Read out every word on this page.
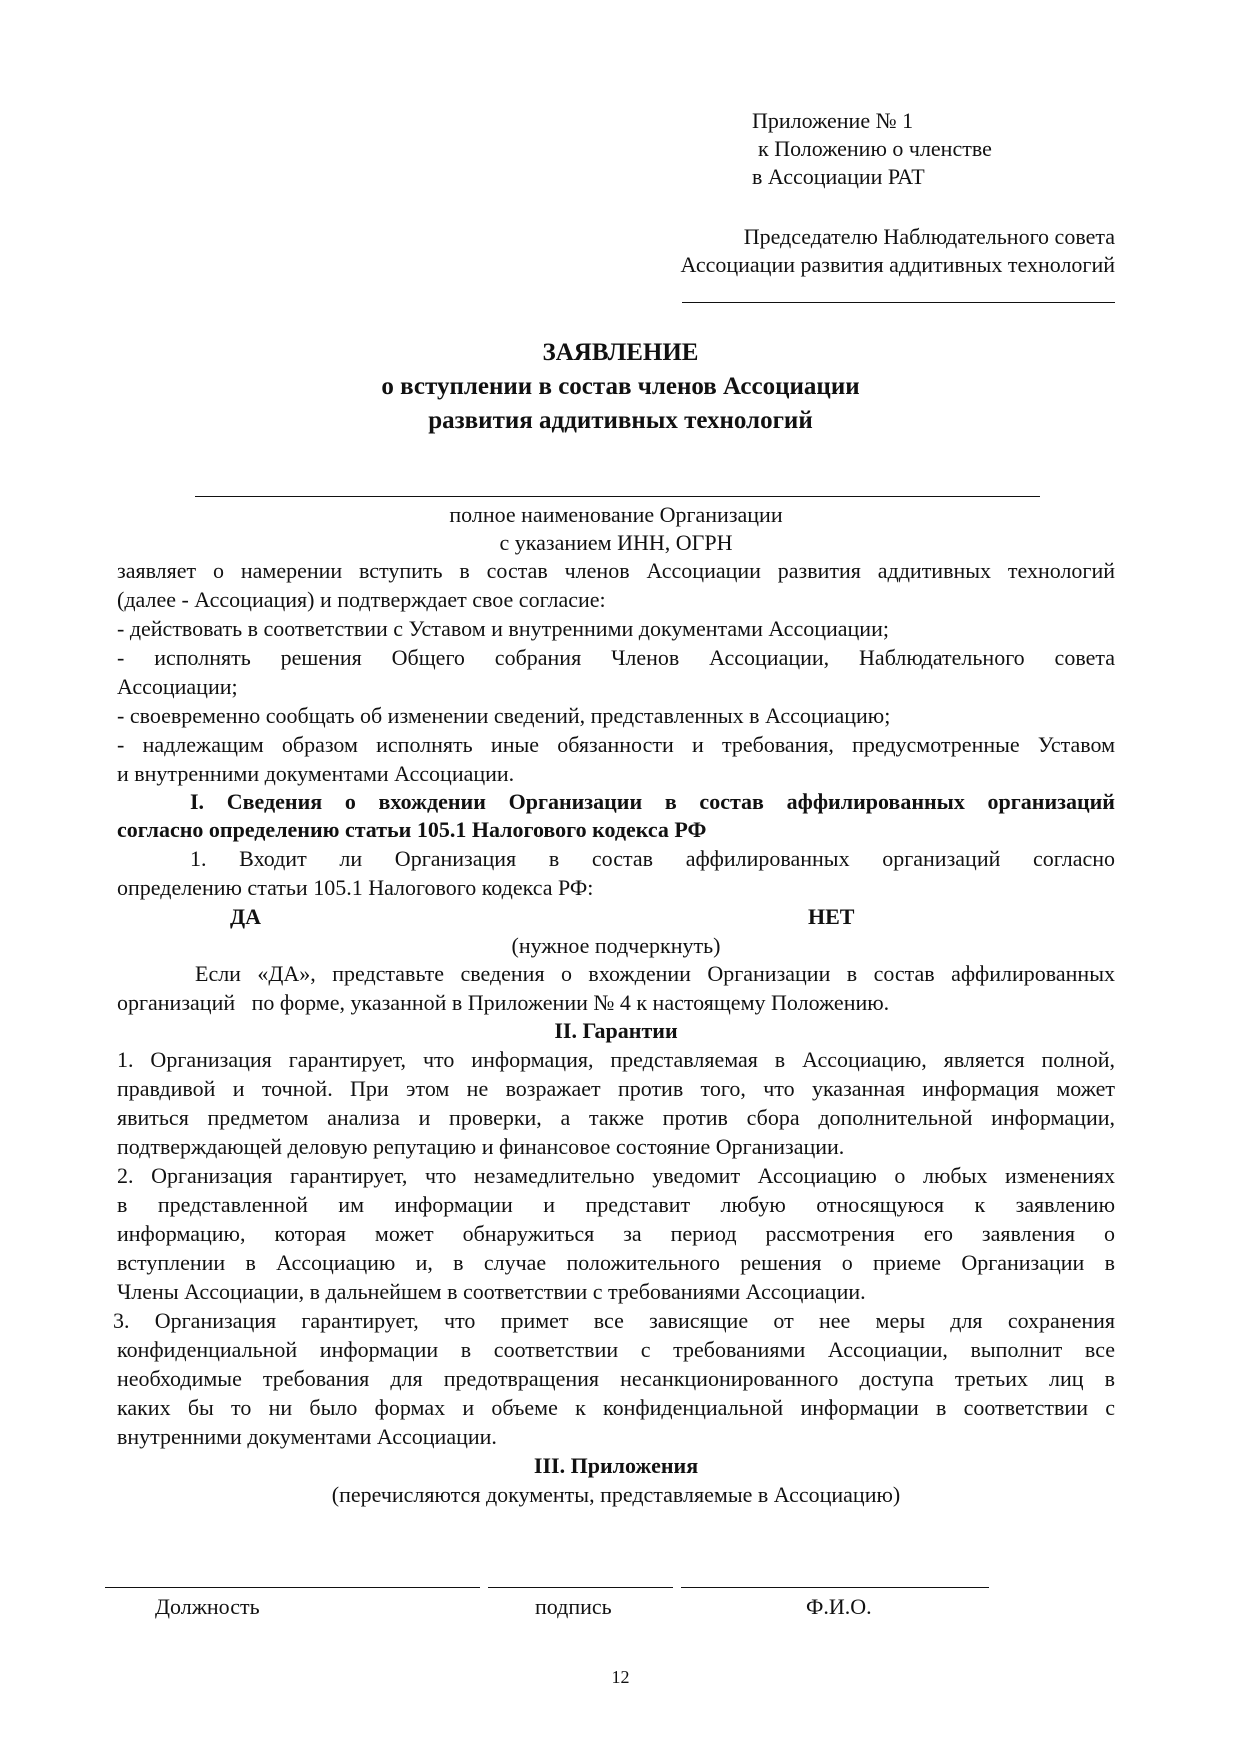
Приложение № 1
к Положению о членстве
в Ассоциации РАТ
Председателю Наблюдательного совета
Ассоциации развития аддитивных технологий
ЗАЯВЛЕНИЕ
о вступлении в состав членов Ассоциации
развития аддитивных технологий
полное наименование Организации
с указанием ИНН, ОГРН
заявляет о намерении вступить в состав членов Ассоциации развития аддитивных технологий
(далее - Ассоциация) и подтверждает свое согласие:
- действовать в соответствии с Уставом и внутренними документами Ассоциации;
- исполнять решения Общего собрания Членов Ассоциации, Наблюдательного совета
Ассоциации;
- своевременно сообщать об изменении сведений, представленных в Ассоциацию;
- надлежащим образом исполнять иные обязанности и требования, предусмотренные Уставом
и внутренними документами Ассоциации.
I. Сведения о вхождении Организации в состав аффилированных организаций
согласно определению статьи 105.1 Налогового кодекса РФ
1. Входит ли Организация в состав аффилированных организаций согласно
определению статьи 105.1 Налогового кодекса РФ:
ДА	НЕТ
(нужное подчеркнуть)
Если «ДА», представьте сведения о вхождении Организации в состав аффилированных
организаций   по форме, указанной в Приложении № 4 к настоящему Положению.
II. Гарантии
1. Организация гарантирует, что информация, представляемая в Ассоциацию, является полной,
правдивой и точной. При этом не возражает против того, что указанная информация может
явиться предметом анализа и проверки, а также против сбора дополнительной информации,
подтверждающей деловую репутацию и финансовое состояние Организации.
2. Организация гарантирует, что незамедлительно уведомит Ассоциацию о любых изменениях
в представленной им информации и представит любую относящуюся к заявлению
информацию, которая может обнаружиться за период рассмотрения его заявления о
вступлении в Ассоциацию и, в случае положительного решения о приеме Организации в
Члены Ассоциации, в дальнейшем в соответствии с требованиями Ассоциации.
3. Организация гарантирует, что примет все зависящие от нее меры для сохранения
конфиденциальной информации в соответствии с требованиями Ассоциации, выполнит все
необходимые требования для предотвращения несанкционированного доступа третьих лиц в
каких бы то ни было формах и объеме к конфиденциальной информации в соответствии с
внутренними документами Ассоциации.
III. Приложения
(перечисляются документы, представляемые в Ассоциацию)
Должность	подпись	Ф.И.О.
12
